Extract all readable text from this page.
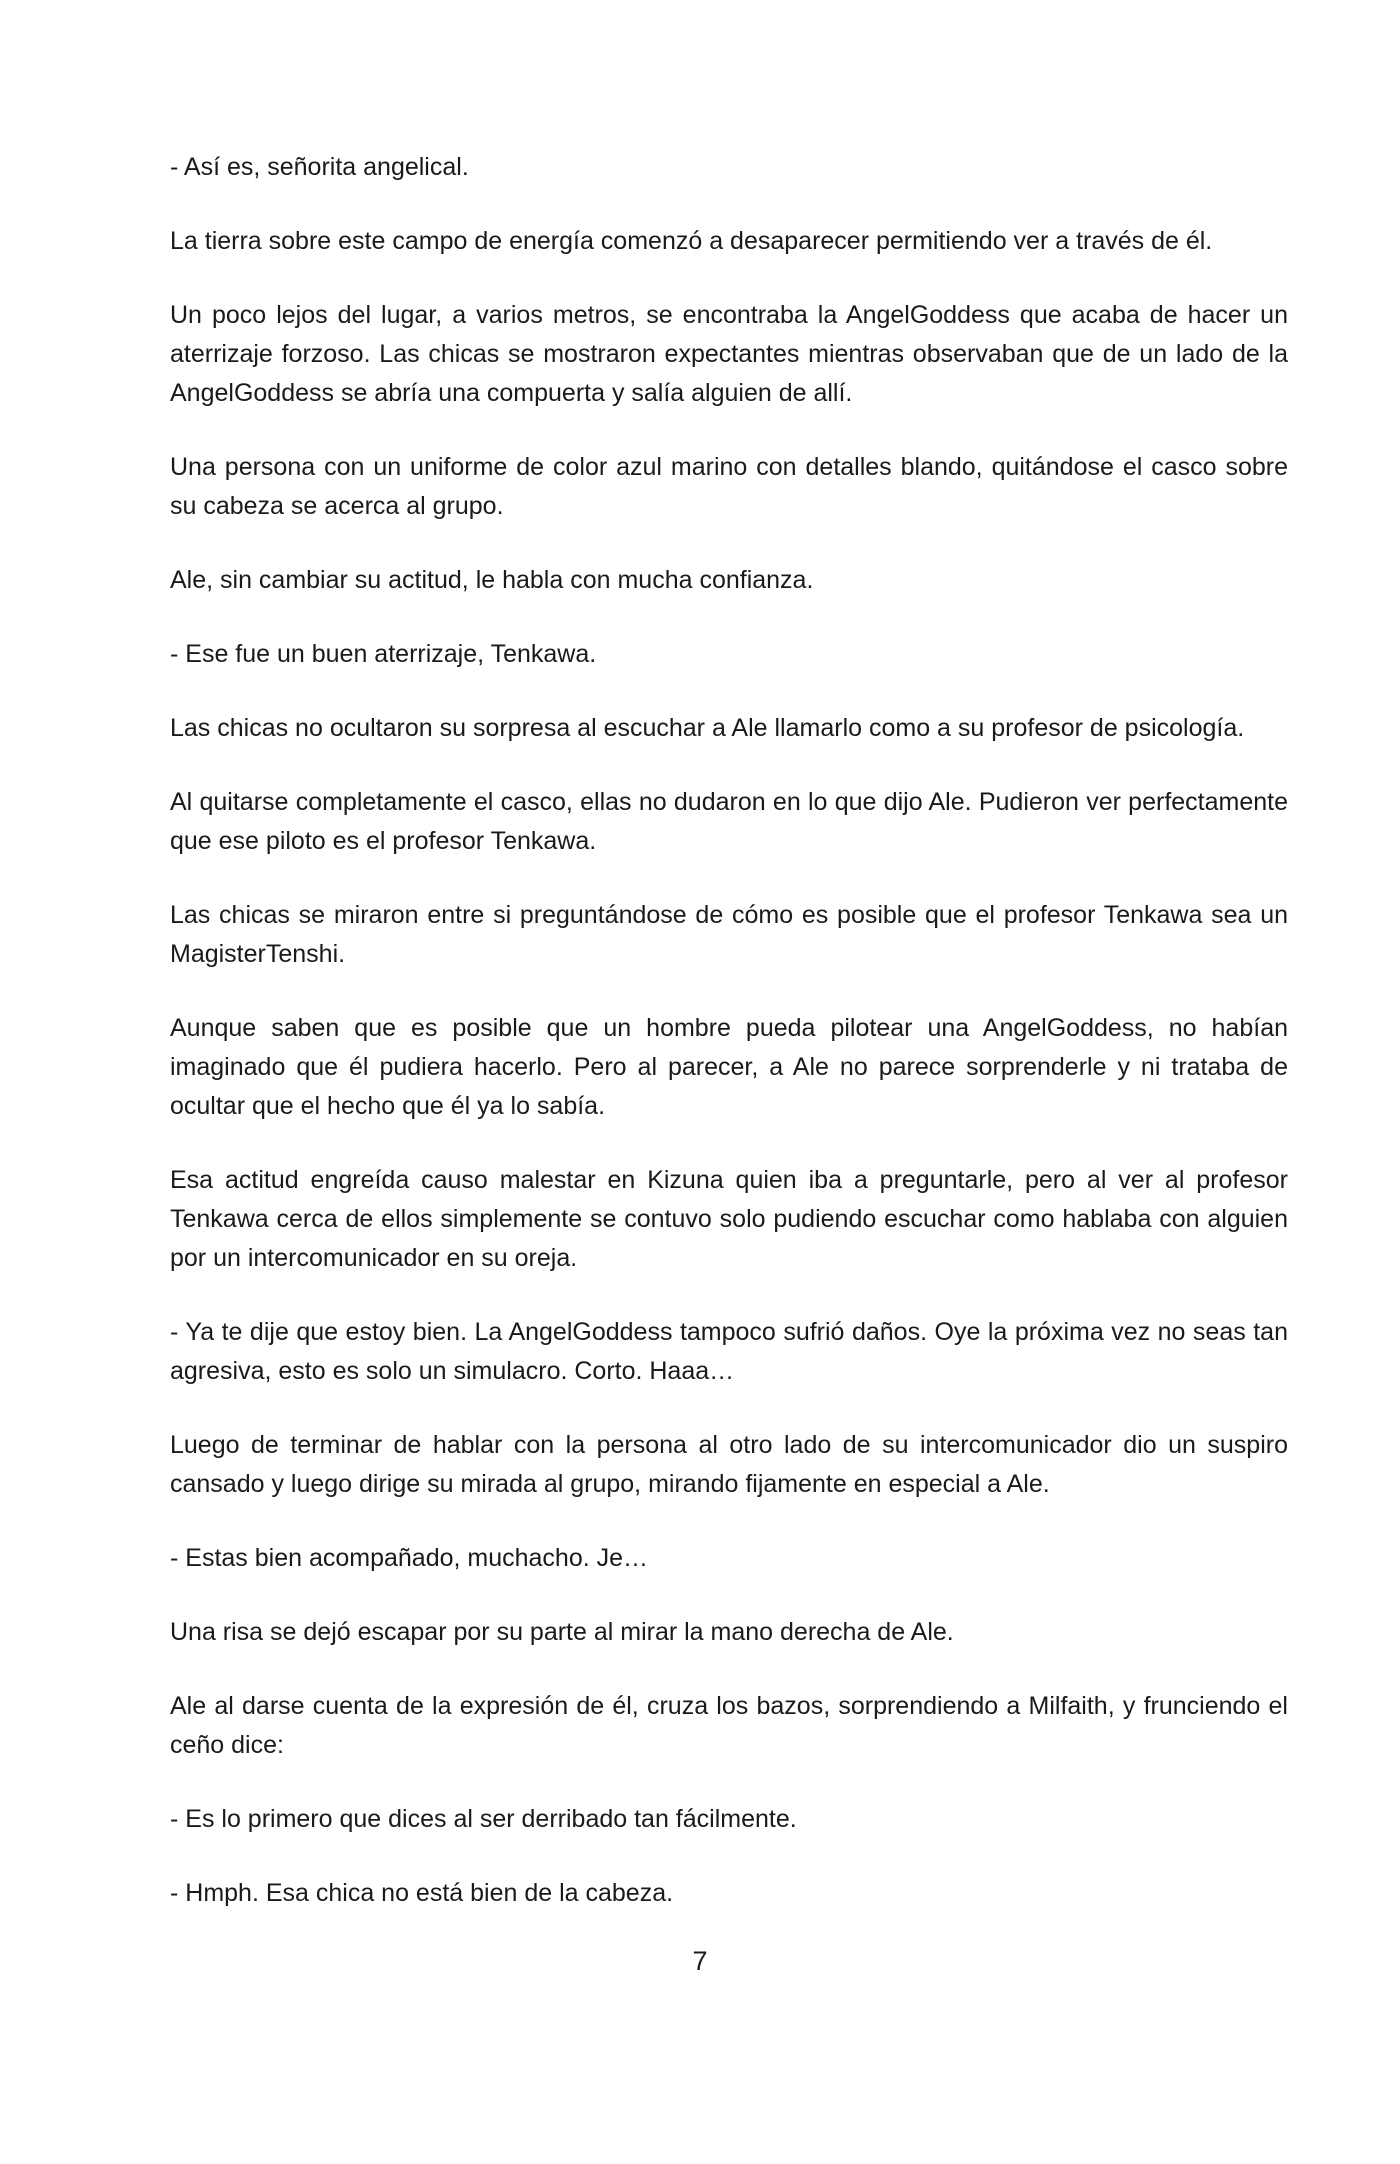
- Así es, señorita angelical.

La tierra sobre este campo de energía comenzó a desaparecer permitiendo ver a través de él.

Un poco lejos del lugar, a varios metros, se encontraba la AngelGoddess que acaba de hacer un aterrizaje forzoso. Las chicas se mostraron expectantes mientras observaban que de un lado de la AngelGoddess se abría una compuerta y salía alguien de allí.

Una persona con un uniforme de color azul marino con detalles blando, quitándose el casco sobre su cabeza se acerca al grupo.

Ale, sin cambiar su actitud, le habla con mucha confianza.

- Ese fue un buen aterrizaje, Tenkawa.

Las chicas no ocultaron su sorpresa al escuchar a Ale llamarlo como a su profesor de psicología.

Al quitarse completamente el casco, ellas no dudaron en lo que dijo Ale. Pudieron ver perfectamente que ese piloto es el profesor Tenkawa.

Las chicas se miraron entre si preguntándose de cómo es posible que el profesor Tenkawa sea un MagisterTenshi.

Aunque saben que es posible que un hombre pueda pilotear una AngelGoddess, no habían imaginado que él pudiera hacerlo. Pero al parecer, a Ale no parece sorprenderle y ni trataba de ocultar que el hecho que él ya lo sabía.

Esa actitud engreída causo malestar en Kizuna quien iba a preguntarle, pero al ver al profesor Tenkawa cerca de ellos simplemente se contuvo solo pudiendo escuchar como hablaba con alguien por un intercomunicador en su oreja.

- Ya te dije que estoy bien. La AngelGoddess tampoco sufrió daños. Oye la próxima vez no seas tan agresiva, esto es solo un simulacro. Corto. Haaa…

Luego de terminar de hablar con la persona al otro lado de su intercomunicador dio un suspiro cansado y luego dirige su mirada al grupo, mirando fijamente en especial a Ale.

- Estas bien acompañado, muchacho. Je…

Una risa se dejó escapar por su parte al mirar la mano derecha de Ale.

Ale al darse cuenta de la expresión de él, cruza los bazos, sorprendiendo a Milfaith, y frunciendo el ceño dice:

- Es lo primero que dices al ser derribado tan fácilmente.

- Hmph. Esa chica no está bien de la cabeza.

7
